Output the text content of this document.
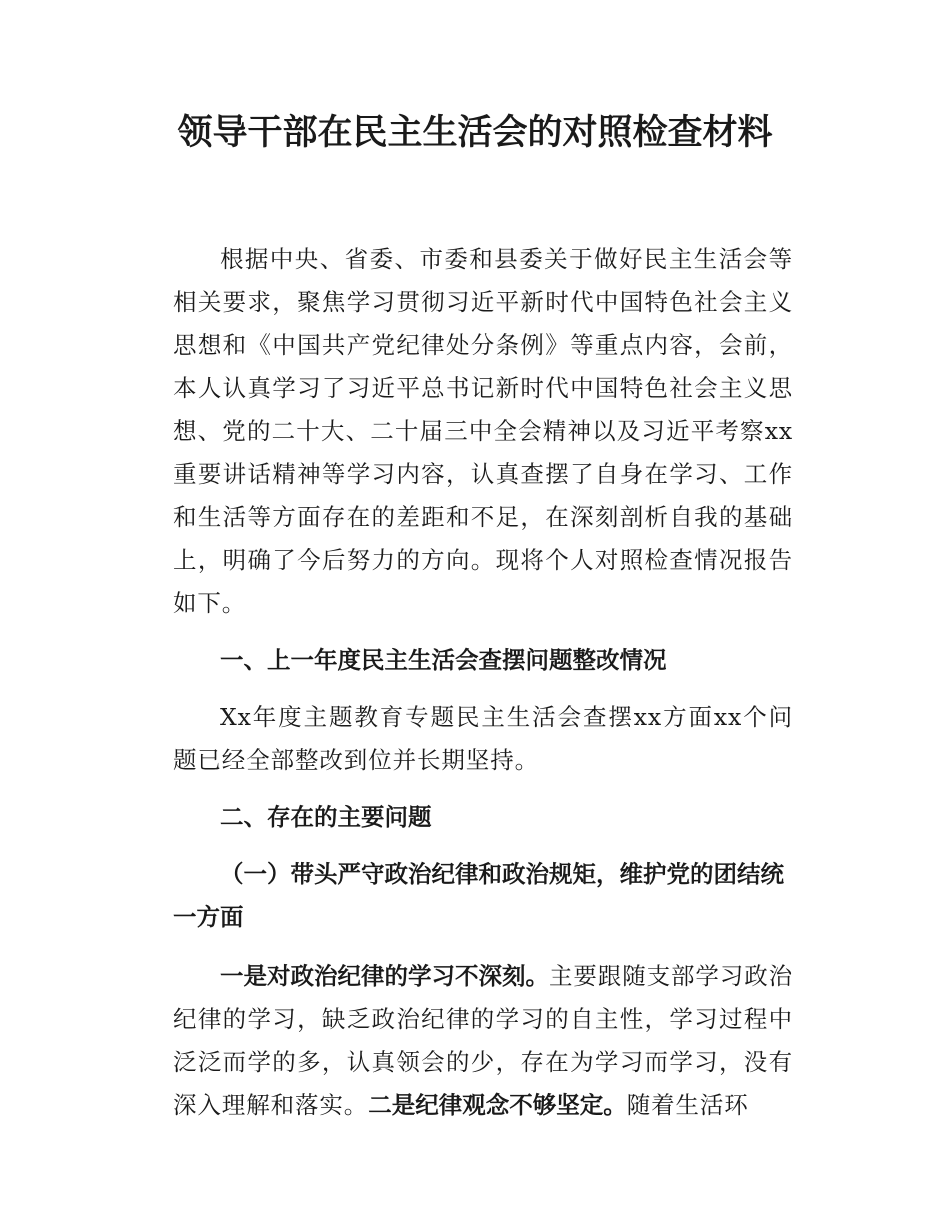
领导干部在民主生活会的对照检查材料

根据中央、省委、市委和县委关于做好民主生活会等相关要求，聚焦学习贯彻习近平新时代中国特色社会主义思想和《中国共产党纪律处分条例》等重点内容，会前，本人认真学习了习近平总书记新时代中国特色社会主义思想、党的二十大、二十届三中全会精神以及习近平考察xx重要讲话精神等学习内容，认真查摆了自身在学习、工作和生活等方面存在的差距和不足，在深刻剖析自我的基础上，明确了今后努力的方向。现将个人对照检查情况报告如下。

一、上一年度民主生活会查摆问题整改情况

Xx年度主题教育专题民主生活会查摆xx方面xx个问题已经全部整改到位并长期坚持。

二、存在的主要问题

（一）带头严守政治纪律和政治规矩，维护党的团结统一方面

一是对政治纪律的学习不深刻。主要跟随支部学习政治纪律的学习，缺乏政治纪律的学习的自主性，学习过程中泛泛而学的多，认真领会的少，存在为学习而学习，没有深入理解和落实。二是纪律观念不够坚定。随着生活环
